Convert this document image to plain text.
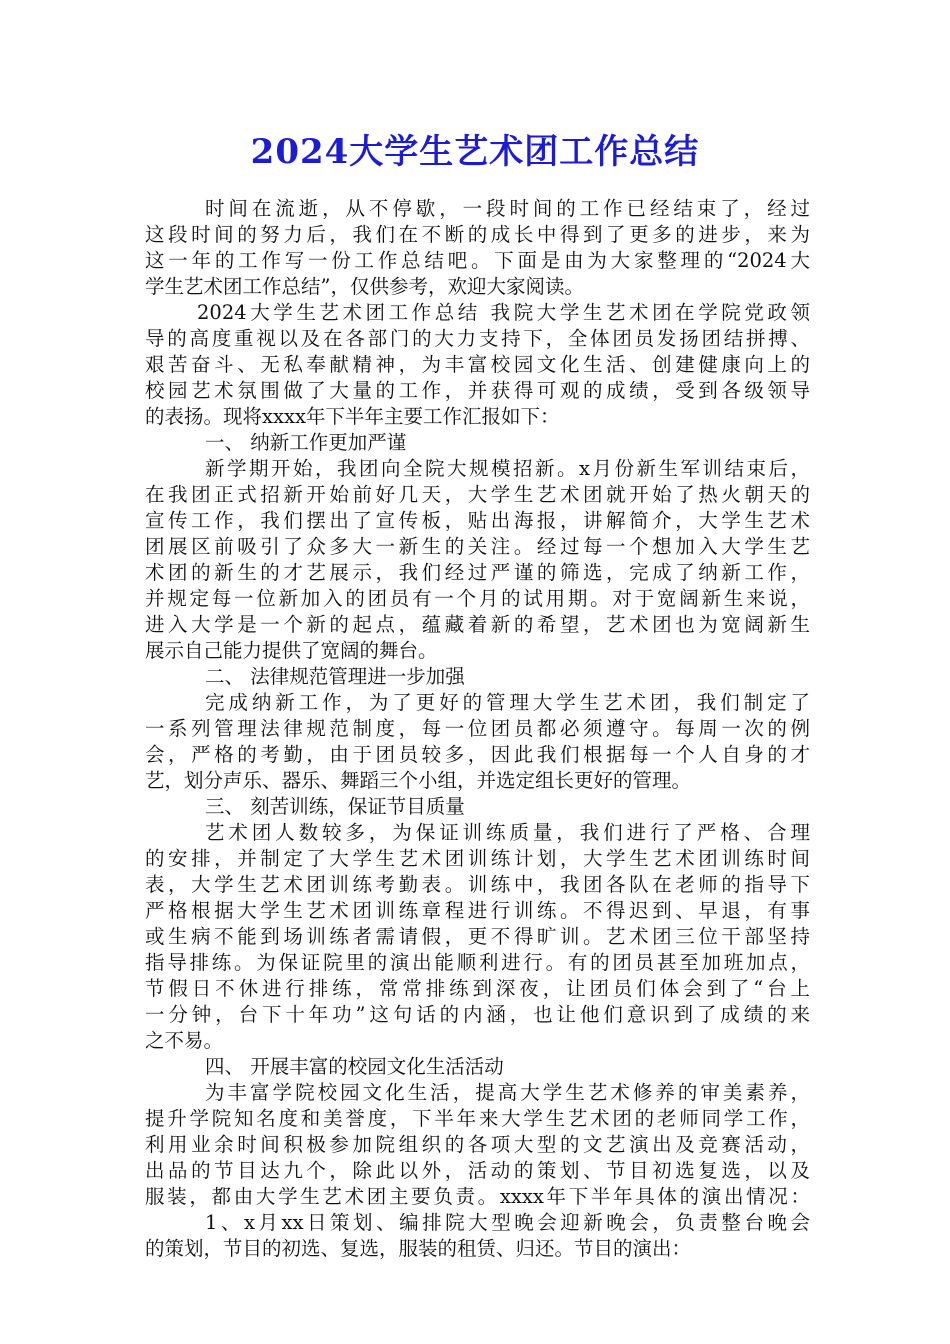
2024大学生艺术团工作总结
时间在流逝，从不停歇，一段时间的工作已经结束了，经过
这段时间的努力后，我们在不断的成长中得到了更多的进步，来为
这一年的工作写一份工作总结吧。下面是由为大家整理的“2024大
学生艺术团工作总结”，仅供参考，欢迎大家阅读。
2024大学生艺术团工作总结 我院大学生艺术团在学院党政领
导的高度重视以及在各部门的大力支持下，全体团员发扬团结拼搏、
艰苦奋斗、无私奉献精神，为丰富校园文化生活、创建健康向上的
校园艺术氛围做了大量的工作，并获得可观的成绩，受到各级领导
的表扬。现将xxxx年下半年主要工作汇报如下：
一、 纳新工作更加严谨
新学期开始，我团向全院大规模招新。x月份新生军训结束后，
在我团正式招新开始前好几天，大学生艺术团就开始了热火朝天的
宣传工作，我们摆出了宣传板，贴出海报，讲解简介，大学生艺术
团展区前吸引了众多大一新生的关注。经过每一个想加入大学生艺
术团的新生的才艺展示，我们经过严谨的筛选，完成了纳新工作，
并规定每一位新加入的团员有一个月的试用期。对于宽阔新生来说，
进入大学是一个新的起点，蕴藏着新的希望，艺术团也为宽阔新生
展示自己能力提供了宽阔的舞台。
二、 法律规范管理进一步加强
完成纳新工作，为了更好的管理大学生艺术团，我们制定了
一系列管理法律规范制度，每一位团员都必须遵守。每周一次的例
会，严格的考勤，由于团员较多，因此我们根据每一个人自身的才
艺，划分声乐、器乐、舞蹈三个小组，并选定组长更好的管理。
三、 刻苦训练，保证节目质量
艺术团人数较多，为保证训练质量，我们进行了严格、合理
的安排，并制定了大学生艺术团训练计划，大学生艺术团训练时间
表，大学生艺术团训练考勤表。训练中，我团各队在老师的指导下
严格根据大学生艺术团训练章程进行训练。不得迟到、早退，有事
或生病不能到场训练者需请假，更不得旷训。艺术团三位干部坚持
指导排练。为保证院里的演出能顺利进行。有的团员甚至加班加点，
节假日不休进行排练，常常排练到深夜，让团员们体会到了“台上
一分钟，台下十年功”这句话的内涵，也让他们意识到了成绩的来
之不易。
四、 开展丰富的校园文化生活活动
为丰富学院校园文化生活，提高大学生艺术修养的审美素养，
提升学院知名度和美誉度，下半年来大学生艺术团的老师同学工作，
利用业余时间积极参加院组织的各项大型的文艺演出及竞赛活动，
出品的节目达九个，除此以外，活动的策划、节目初选复选，以及
服装，都由大学生艺术团主要负责。xxxx年下半年具体的演出情况：
1、x月xx日策划、编排院大型晚会迎新晚会，负责整台晚会
的策划，节目的初选、复选，服装的租赁、归还。节目的演出：
